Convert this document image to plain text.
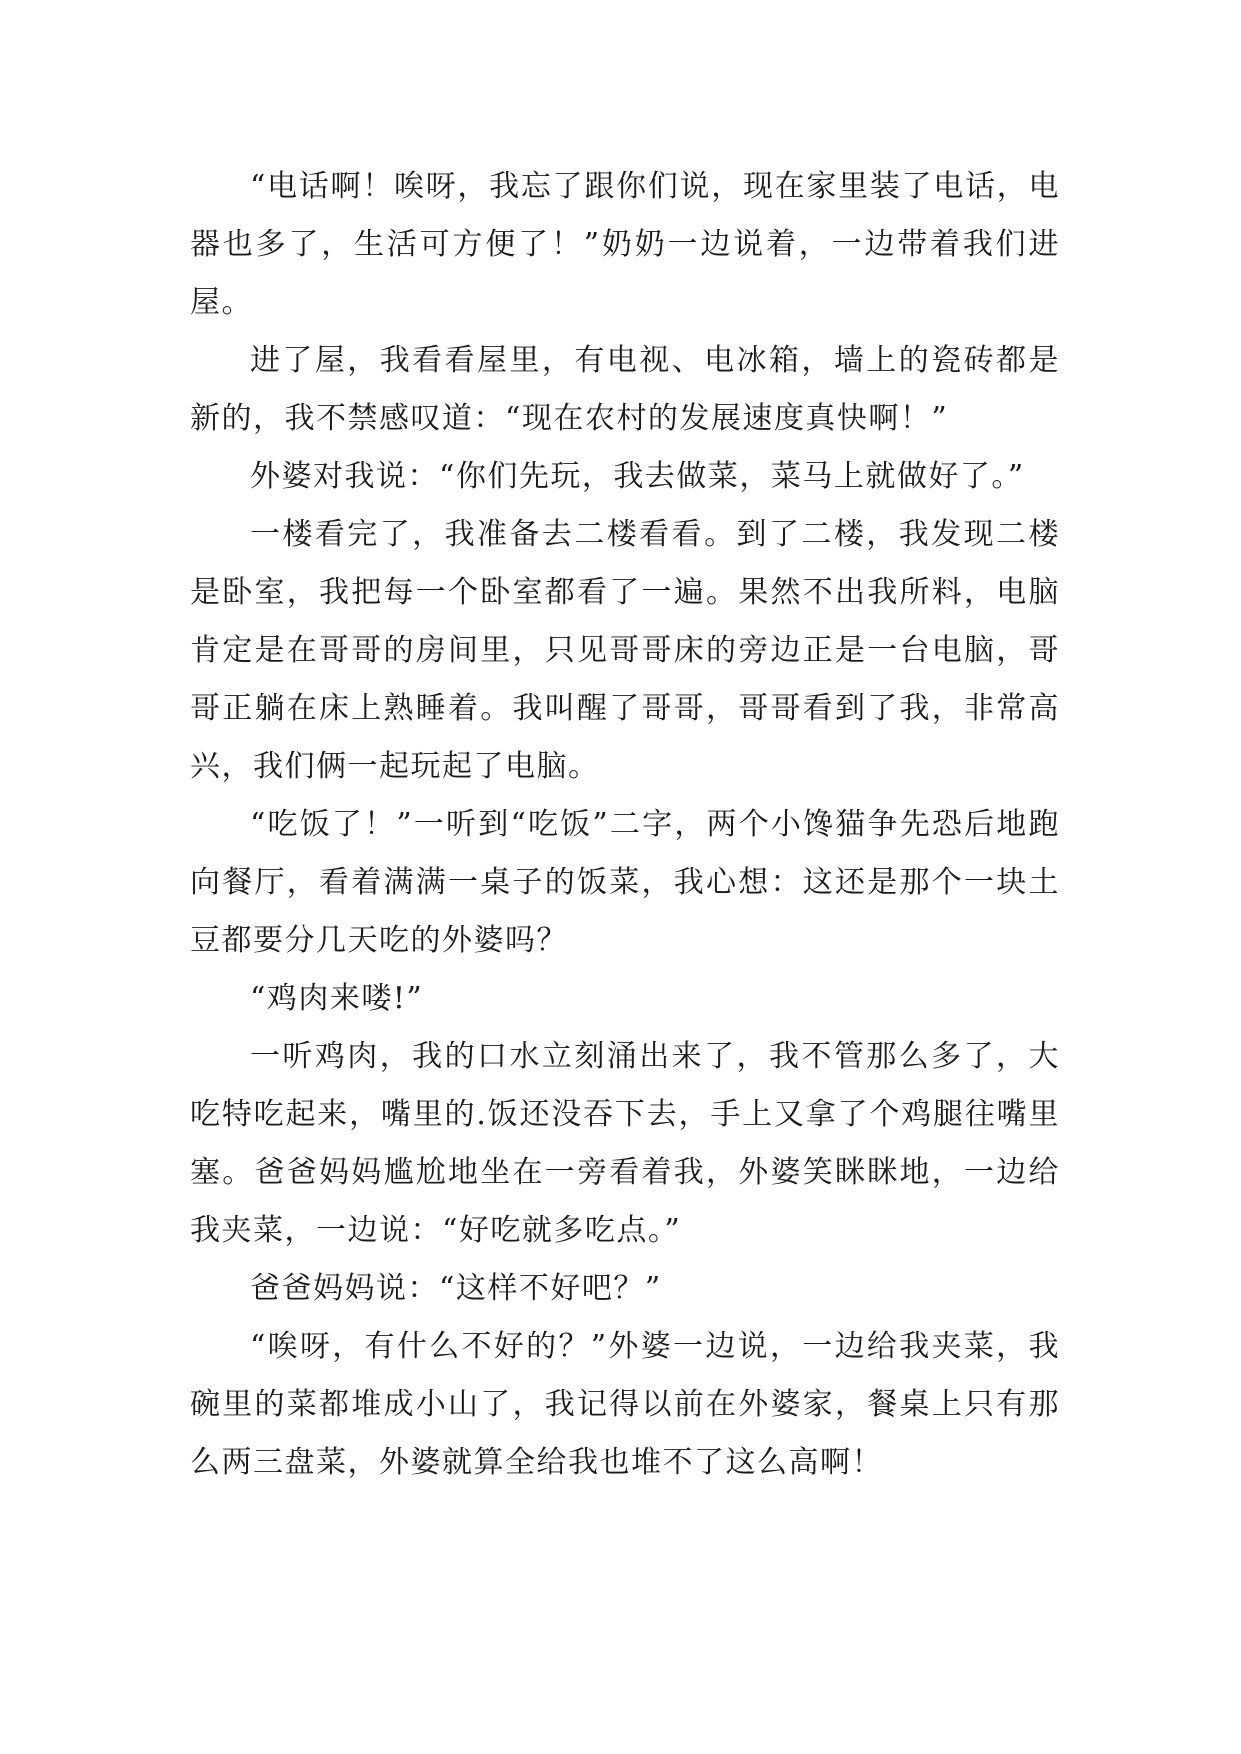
“电话啊！唉呀，我忘了跟你们说，现在家里装了电话，电器也多了，生活可方便了！”奶奶一边说着，一边带着我们进屋。

进了屋，我看看屋里，有电视、电冰箱，墙上的瓷砖都是新的，我不禁感叹道：“现在农村的发展速度真快啊！”

外婆对我说：“你们先玩，我去做菜，菜马上就做好了。”

一楼看完了，我准备去二楼看看。到了二楼，我发现二楼是卧室，我把每一个卧室都看了一遍。果然不出我所料，电脑肯定是在哥哥的房间里，只见哥哥床的旁边正是一台电脑，哥哥正躺在床上熟睡着。我叫醒了哥哥，哥哥看到了我，非常高兴，我们俩一起玩起了电脑。

“吃饭了！”一听到“吃饭”二字，两个小馋猫争先恐后地跑向餐厅，看着满满一桌子的饭菜，我心想：这还是那个一块土豆都要分几天吃的外婆吗？

“鸡肉来喽!”

一听鸡肉，我的口水立刻涌出来了，我不管那么多了，大吃特吃起来，嘴里的.饭还没吞下去，手上又拿了个鸡腿往嘴里塞。爸爸妈妈尴尬地坐在一旁看着我，外婆笑眯眯地，一边给我夹菜，一边说：“好吃就多吃点。”

爸爸妈妈说：“这样不好吧？”

“唉呀，有什么不好的？”外婆一边说，一边给我夹菜，我碗里的菜都堆成小山了，我记得以前在外婆家，餐桌上只有那么两三盘菜，外婆就算全给我也堆不了这么高啊！
